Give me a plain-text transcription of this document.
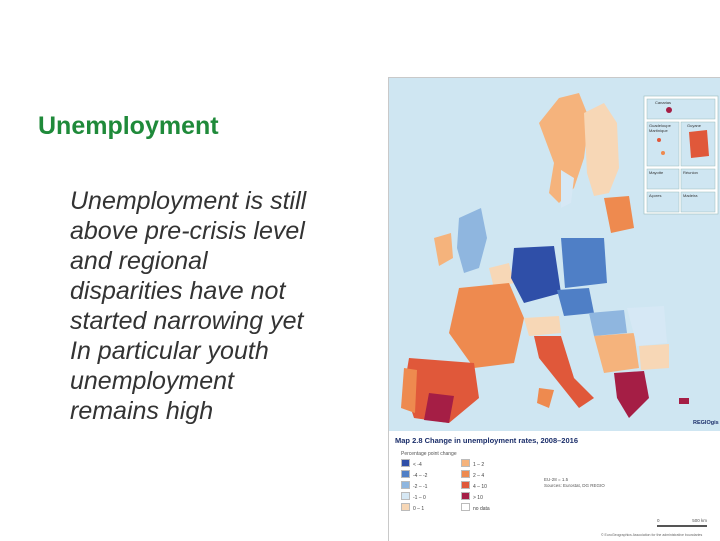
Unemployment
Unemployment is still
above pre-crisis level
and regional
disparities have not
started narrowing yet
In particular youth
unemployment
remains high
Canarias
Guadeloupe Martinique
Guyane
Mayotte	Réunion
Açores	Madeira
REGIOgis
Map 2.8 Change in unemployment rates, 2008–2016
Percentage point change
< -4
-4 – -2
-2 – -1
-1 – 0
0 – 1
1 – 2
2 – 4
4 – 10
> 10
no data
EU-28 = 1.5
Sources: Eurostat, DG REGIO
0	500 km
© EuroGeographics Association for the administrative boundaries
